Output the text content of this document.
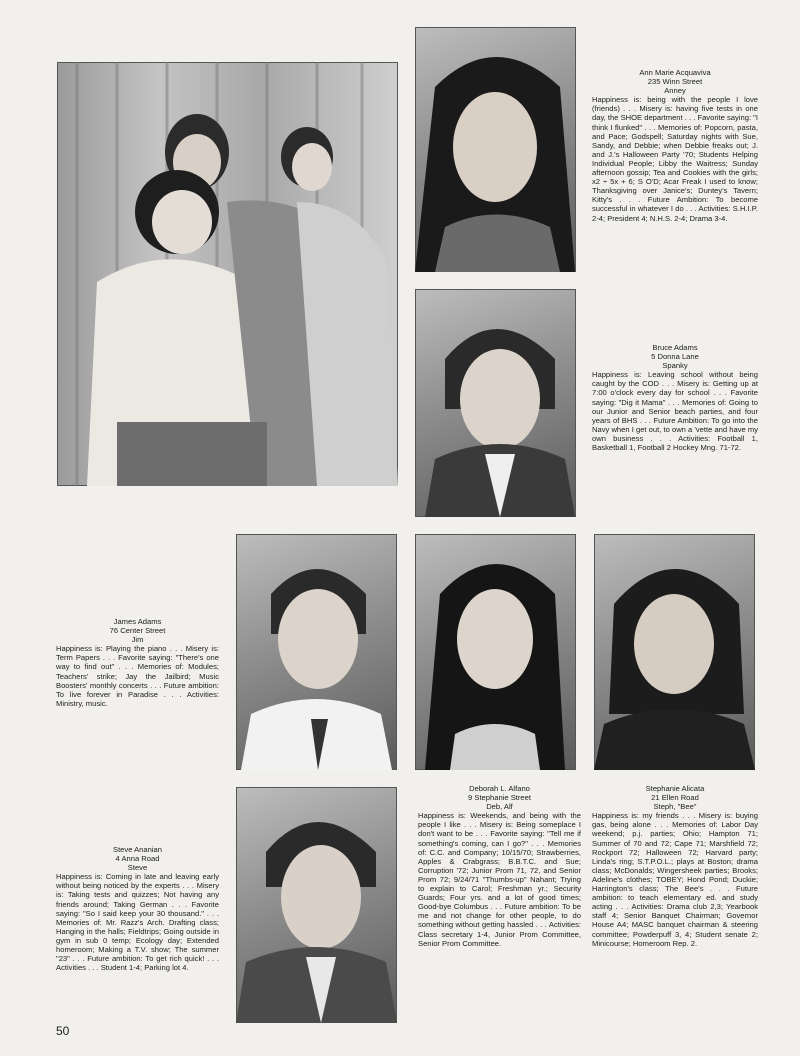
Ann Marie Acquaviva
235 Winn Street
Anney

Happiness is: being with the people I love (friends) . . . Misery is: having five tests in one day, the SHOE department . . . Favorite saying: "I think I flunked" . . . Memories of: Popcorn, pasta, and Pace; Godspell; Saturday nights with Sue, Sandy, and Debbie; when Debbie freaks out; J. and J.'s Halloween Party '70; Students Helping Individual People; Libby the Waitress; Sunday afternoon gossip; Tea and Cookies with the girls; x2 ÷ 5x + 6; S O'D; Acar Freak I used to know; Thanksgiving over Janice's; Duntey's Tavern; Kitty's . . . Future Ambition: To become successful in whatever I do . . . Activities: S.H.I.P. 2-4; President 4; N.H.S. 2-4; Drama 3-4.

Bruce Adams
5 Donna Lane
Spanky

Happiness is: Leaving school without being caught by the COD . . . Misery is: Getting up at 7:00 o'clock every day for school . . . Favorite saying: "Dig it Mama" . . . Memories of: Going to our Junior and Senior beach parties, and four years of BHS . . . Future Ambition: To go into the Navy when I get out, to own a 'vette and have my own business . . . Activities: Football 1, Basketball 1, Football 2 Hockey Mng. 71-72.

James Adams
76 Center Street
Jim

Happiness is: Playing the piano . . . Misery is: Term Papers . . . Favorite saying: "There's one way to find out" . . . Memories of: Modules; Teachers' strike; Jay the Jailbird; Music Boosters' monthly concerts . . . Future ambition: To live forever in Paradise . . . Activities: Ministry, music.

Steve Ananian
4 Anna Road
Steve

Happiness is: Coming in late and leaving early without being noticed by the experts . . . Misery is: Taking tests and quizzes; Not having any friends around; Taking German . . . Favorite saying: "So I said keep your 30 thousand." . . . Memories of: Mr. Razz's Arch. Drafting class; Hanging in the halls; Fieldtrips; Going outside in gym in sub 0 temp; Ecology day; Extended homeroom; Making a T.V. show; The summer "23" . . . Future ambition: To get rich quick! . . . Activities . . . Student 1-4; Parking lot 4.

Deborah L. Alfano
9 Stephanie Street
Deb, Alf

Happiness is: Weekends, and being with the people I like . . . Misery is: Being someplace I don't want to be . . . Favorite saying: "Tell me if something's coming, can I go?" . . . Memories of: C.C. and Company; 10/15/70; Strawberries, Apples & Crabgrass; B.B.T.C. and Sue; Corruption '72; Junior Prom 71, 72, and Senior Prom 72; 9/24/71 "Thumbs-up" Nahant; Trying to explain to Carol; Freshman yr.; Security Guards; Four yrs. and a lot of good times; Good-bye Columbus . . . Future ambition: To be me and not change for other people, to do something without getting hassled . . . Activities: Class secretary 1-4, Junior Prom Committee, Senior Prom Committee.

Stephanie Alicata
21 Ellen Road
Steph, "Bee"

Happiness is: my friends . . . Misery is: buying gas, being alone . . . Memories of: Labor Day weekend; p.j. parties; Ohio; Hampton 71; Summer of 70 and 72; Cape 71; Marshfield 72; Rockport 72; Halloween 72; Harvard party; Linda's ring; S.T.P.O.L.; plays at Boston; drama class; McDonalds; Wingersheek parties; Brooks; Adeline's clothes; TOBEY; Hond Pond; Duckie; Harrington's class; The Bee's . . . Future ambition: to teach elementary ed. and study acting . . . Activities: Drama club 2,3; Yearbook staff 4; Senior Banquet Chairman; Governor House A4; MASC banquet chairman & steering committee; Powderpuff 3, 4; Student senate 2; Minicourse; Homeroom Rep. 2.

50
